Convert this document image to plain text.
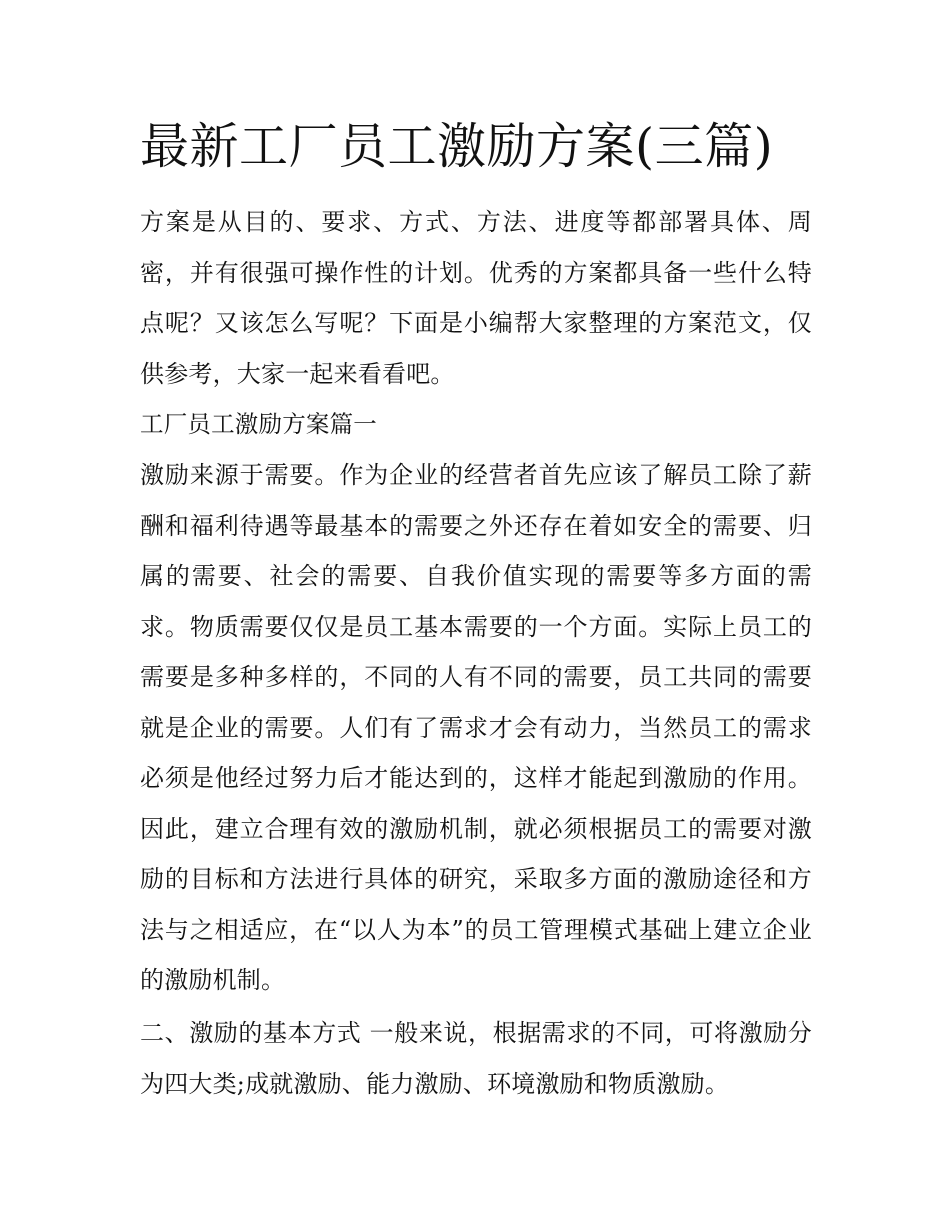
最新工厂员工激励方案(三篇)

方案是从目的、要求、方式、方法、进度等都部署具体、周密，并有很强可操作性的计划。优秀的方案都具备一些什么特点呢？又该怎么写呢？下面是小编帮大家整理的方案范文，仅供参考，大家一起来看看吧。

工厂员工激励方案篇一

激励来源于需要。作为企业的经营者首先应该了解员工除了薪酬和福利待遇等最基本的需要之外还存在着如安全的需要、归属的需要、社会的需要、自我价值实现的需要等多方面的需求。物质需要仅仅是员工基本需要的一个方面。实际上员工的需要是多种多样的，不同的人有不同的需要，员工共同的需要就是企业的需要。人们有了需求才会有动力，当然员工的需求必须是他经过努力后才能达到的，这样才能起到激励的作用。因此，建立合理有效的激励机制，就必须根据员工的需要对激励的目标和方法进行具体的研究，采取多方面的激励途径和方法与之相适应，在“以人为本”的员工管理模式基础上建立企业的激励机制。

二、激励的基本方式 一般来说，根据需求的不同，可将激励分为四大类;成就激励、能力激励、环境激励和物质激励。
